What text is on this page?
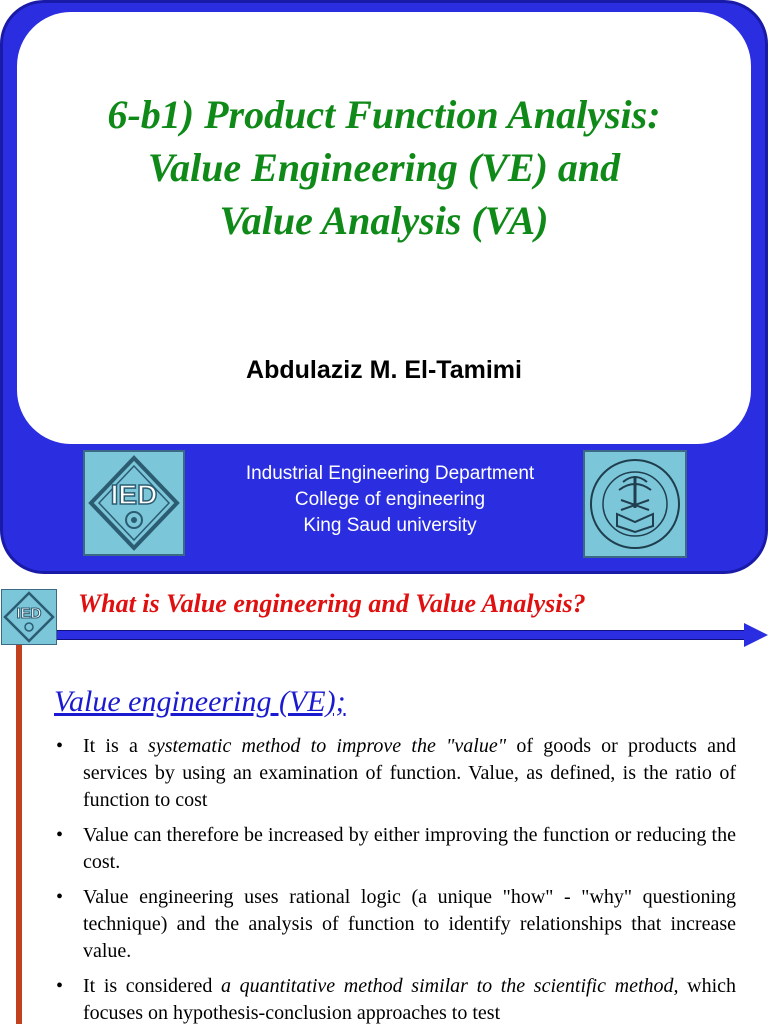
6-b1) Product Function Analysis:
Value Engineering (VE) and
Value Analysis (VA)
Abdulaziz M. El-Tamimi
IED
Industrial Engineering Department
College of engineering
King Saud university
IED What is Value engineering and Value Analysis?
Value engineering (VE);
• It is a systematic method to improve the "value" of goods or products and services by using an examination of function. Value, as defined, is the ratio of function to cost
• Value can therefore be increased by either improving the function or reducing the cost.
• Value engineering uses rational logic (a unique "how" - "why" questioning technique) and the analysis of function to identify relationships that increase value.
• It is considered a quantitative method similar to the scientific method, which focuses on hypothesis-conclusion approaches to test
